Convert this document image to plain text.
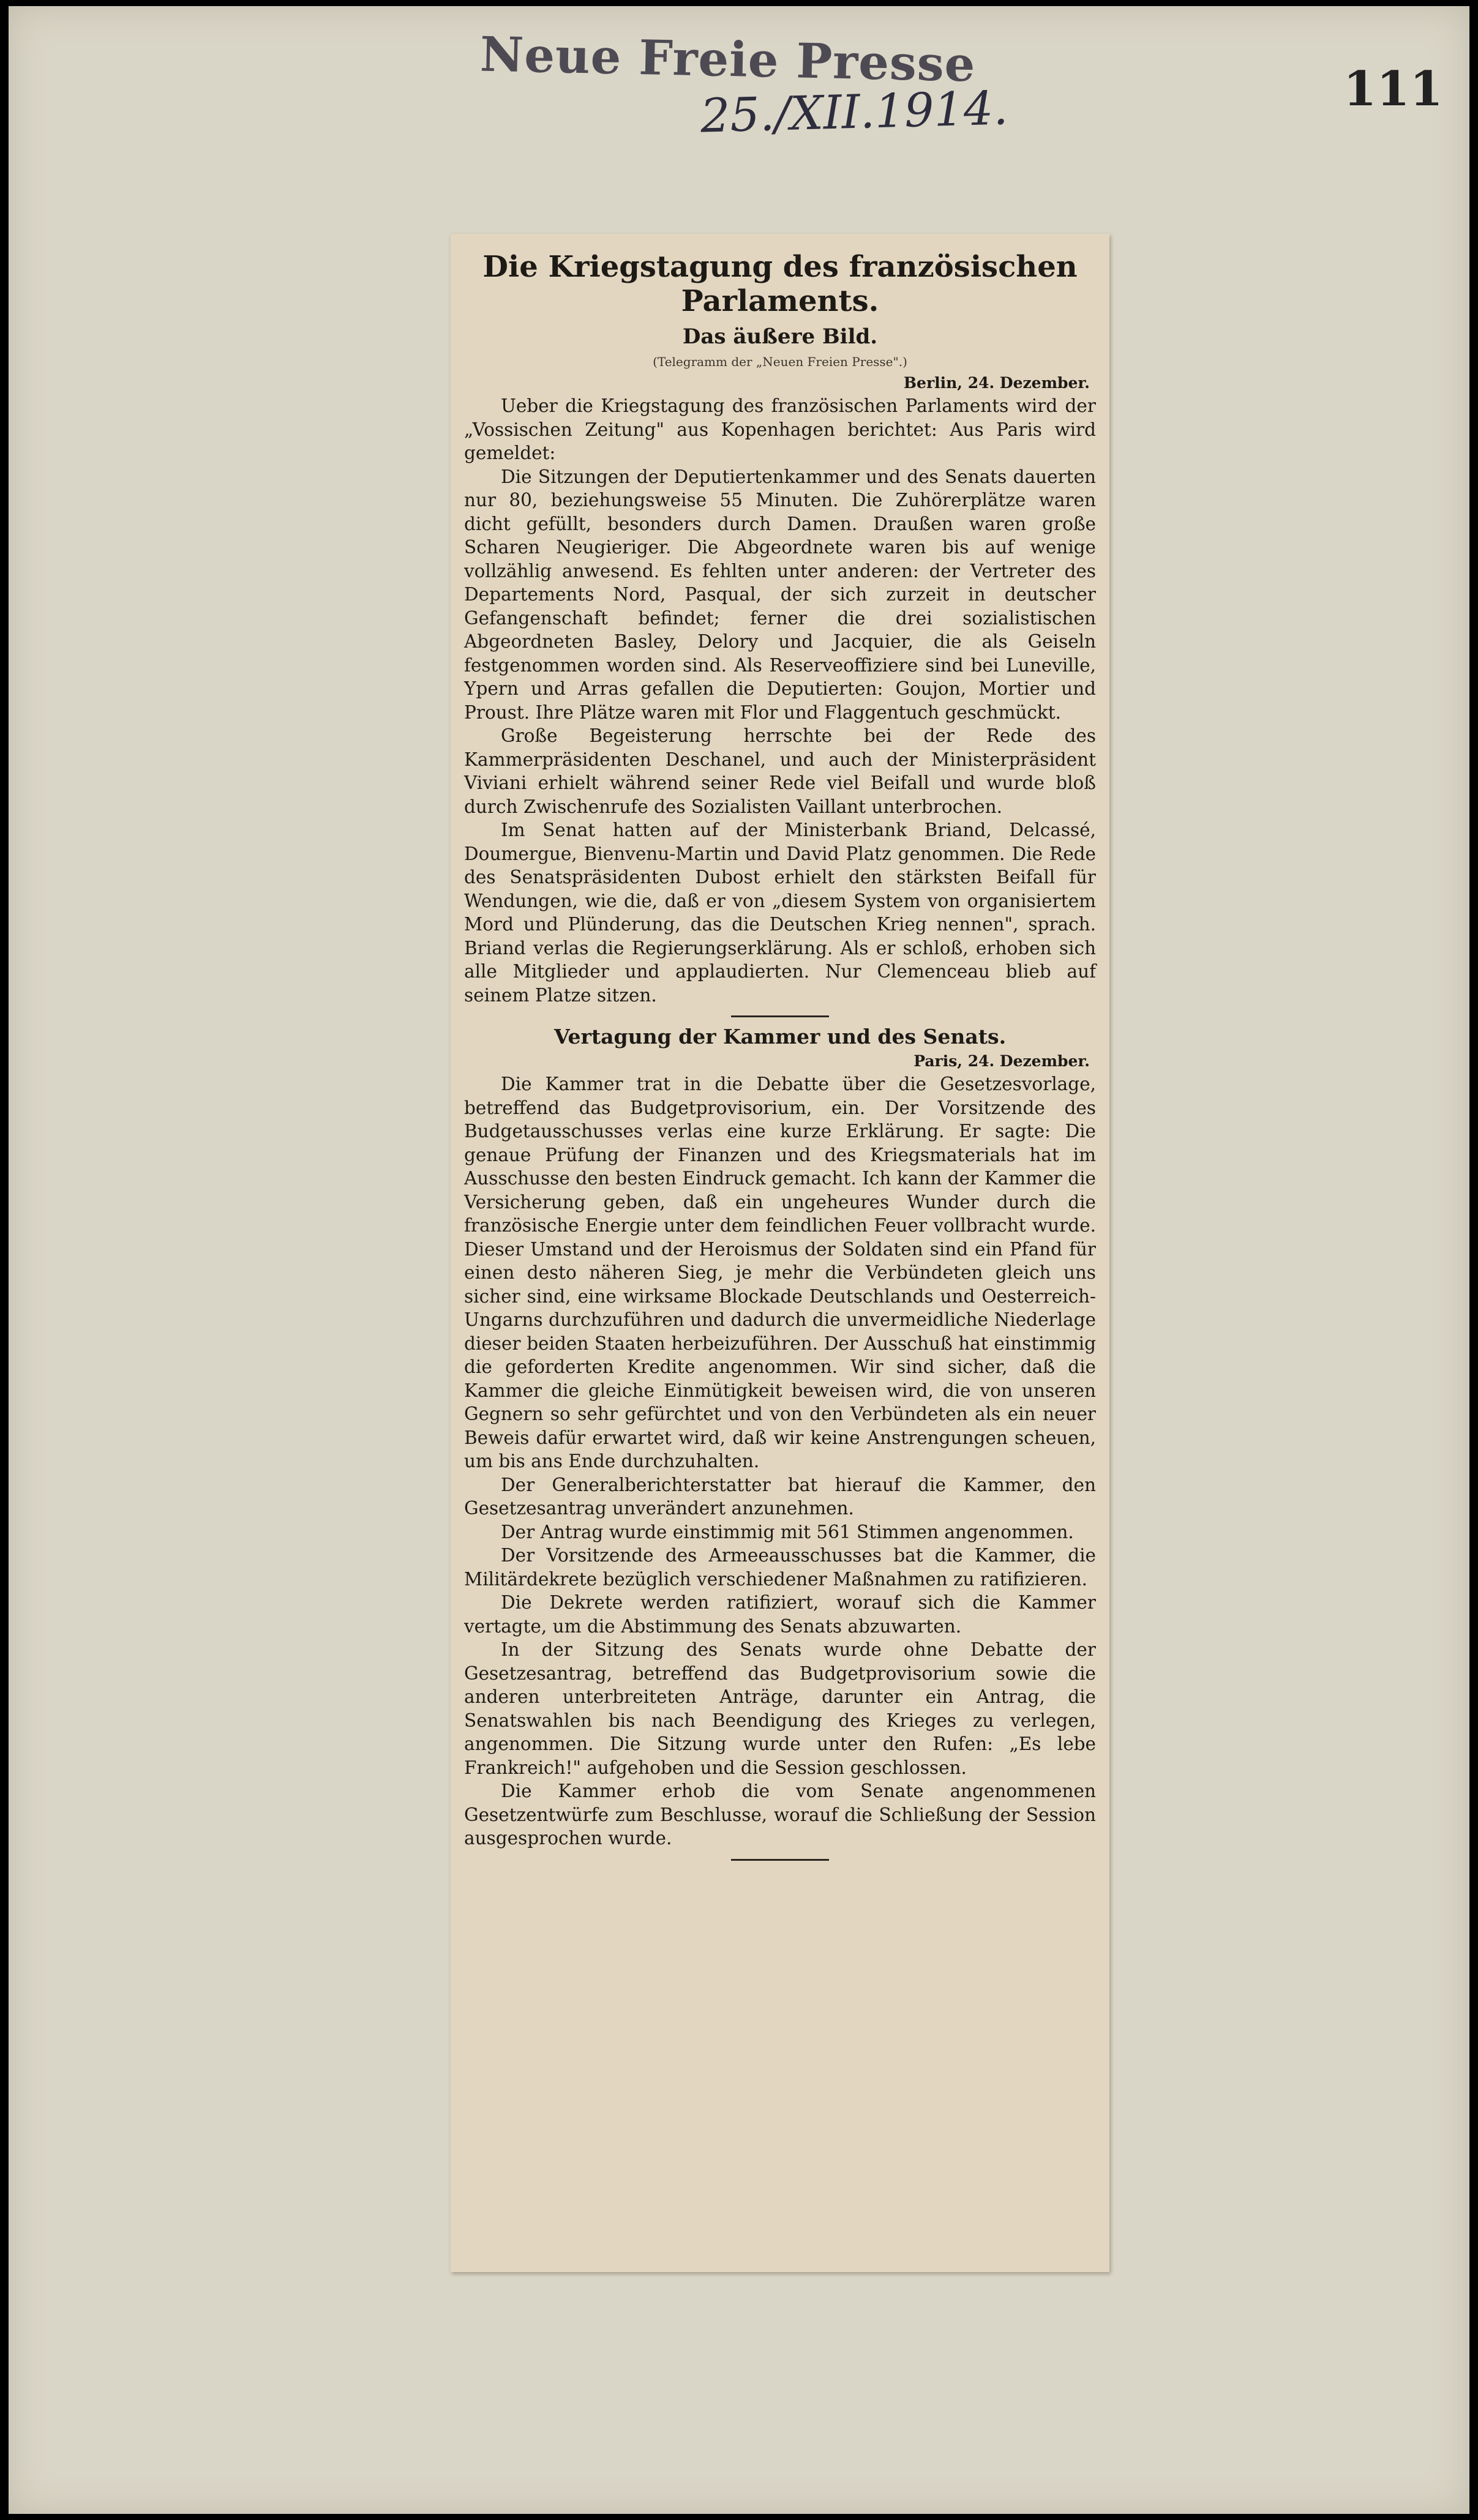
Neue Freie Presse
25./XII.1914.	111
Die Kriegstagung des französischen Parlaments.
Das äußere Bild.
(Telegramm der „Neuen Freien Presse".)
Berlin, 24. Dezember.

Ueber die Kriegstagung des französischen Parlaments wird der „Vossischen Zeitung" aus Kopenhagen berichtet: Aus Paris wird gemeldet:

Die Sitzungen der Deputiertenkammer und des Senats dauerten nur 80, beziehungsweise 55 Minuten. Die Zuhörerplätze waren dicht gefüllt, besonders durch Damen. Draußen waren große Scharen Neugieriger. Die Abgeordnete waren bis auf wenige vollzählig anwesend. Es fehlten unter anderen: der Vertreter des Departements Nord, Pasqual, der sich zurzeit in deutscher Gefangenschaft befindet; ferner die drei sozialistischen Abgeordneten Basley, Delory und Jacquier, die als Geiseln festgenommen worden sind. Als Reserveoffiziere sind bei Luneville, Ypern und Arras gefallen die Deputierten: Goujon, Mortier und Proust. Ihre Plätze waren mit Flor und Flaggentuch geschmückt.

Große Begeisterung herrschte bei der Rede des Kammerpräsidenten Deschanel, und auch der Ministerpräsident Viviani erhielt während seiner Rede viel Beifall und wurde bloß durch Zwischenrufe des Sozialisten Vaillant unterbrochen.

Im Senat hatten auf der Ministerbank Briand, Delcassé, Doumergue, Bienvenu-Martin und David Platz genommen. Die Rede des Senatspräsidenten Dubost erhielt den stärksten Beifall für Wendungen, wie die, daß er von „diesem System von organisiertem Mord und Plünderung, das die Deutschen Krieg nennen", sprach. Briand verlas die Regierungserklärung. Als er schloß, erhoben sich alle Mitglieder und applaudierten. Nur Clemenceau blieb auf seinem Platze sitzen.

Vertagung der Kammer und des Senats.
Paris, 24. Dezember.

Die Kammer trat in die Debatte über die Gesetzesvorlage, betreffend das Budgetprovisorium, ein. Der Vorsitzende des Budgetausschusses verlas eine kurze Erklärung. Er sagte: Die genaue Prüfung der Finanzen und des Kriegsmaterials hat im Ausschusse den besten Eindruck gemacht. Ich kann der Kammer die Versicherung geben, daß ein ungeheures Wunder durch die französische Energie unter dem feindlichen Feuer vollbracht wurde. Dieser Umstand und der Heroismus der Soldaten sind ein Pfand für einen desto näheren Sieg, je mehr die Verbündeten gleich uns sicher sind, eine wirksame Blockade Deutschlands und Oesterreich-Ungarns durchzuführen und dadurch die unvermeidliche Niederlage dieser beiden Staaten herbeizuführen. Der Ausschuß hat einstimmig die geforderten Kredite angenommen. Wir sind sicher, daß die Kammer die gleiche Einmütigkeit beweisen wird, die von unseren Gegnern so sehr gefürchtet und von den Verbündeten als ein neuer Beweis dafür erwartet wird, daß wir keine Anstrengungen scheuen, um bis ans Ende durchzuhalten.

Der Generalberichterstatter bat hierauf die Kammer, den Gesetzesantrag unverändert anzunehmen.

Der Antrag wurde einstimmig mit 561 Stimmen angenommen.

Der Vorsitzende des Armeeausschusses bat die Kammer, die Militärdekrete bezüglich verschiedener Maßnahmen zu ratifizieren.

Die Dekrete werden ratifiziert, worauf sich die Kammer vertagte, um die Abstimmung des Senats abzuwarten.

In der Sitzung des Senats wurde ohne Debatte der Gesetzesantrag, betreffend das Budgetprovisorium sowie die anderen unterbreiteten Anträge, darunter ein Antrag, die Senatswahlen bis nach Beendigung des Krieges zu verlegen, angenommen. Die Sitzung wurde unter den Rufen: „Es lebe Frankreich!" aufgehoben und die Session geschlossen.

Die Kammer erhob die vom Senate angenommenen Gesetzentwürfe zum Beschlusse, worauf die Schließung der Session ausgesprochen wurde.
